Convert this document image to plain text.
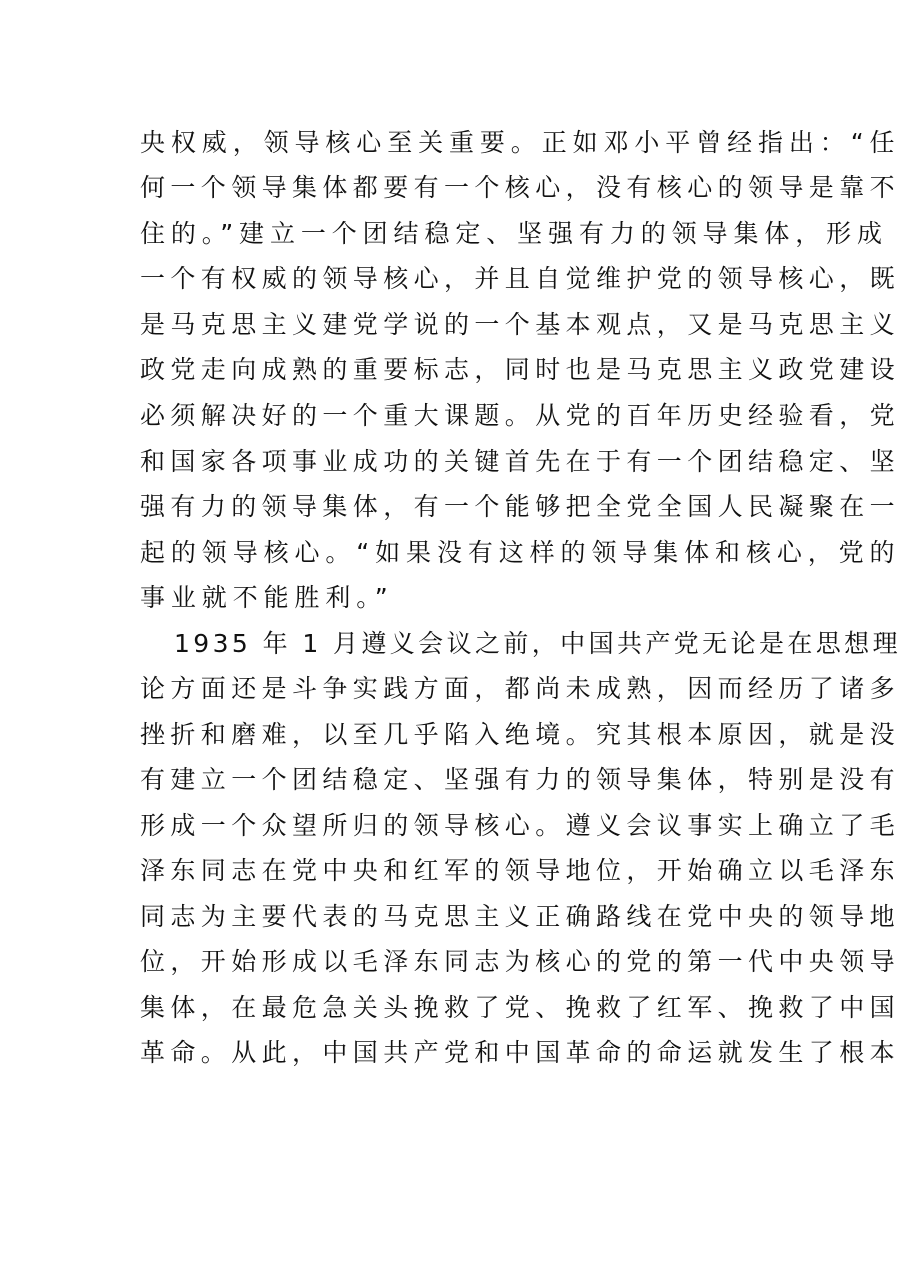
央权威，领导核心至关重要。正如邓小平曾经指出：“任
何一个领导集体都要有一个核心，没有核心的领导是靠不
住的。”建立一个团结稳定、坚强有力的领导集体，形成
一个有权威的领导核心，并且自觉维护党的领导核心，既
是马克思主义建党学说的一个基本观点，又是马克思主义
政党走向成熟的重要标志，同时也是马克思主义政党建设
必须解决好的一个重大课题。从党的百年历史经验看，党
和国家各项事业成功的关键首先在于有一个团结稳定、坚
强有力的领导集体，有一个能够把全党全国人民凝聚在一
起的领导核心。“如果没有这样的领导集体和核心，党的
事业就不能胜利。”
1935 年 1 月遵义会议之前，中国共产党无论是在思想理
论方面还是斗争实践方面，都尚未成熟，因而经历了诸多
挫折和磨难，以至几乎陷入绝境。究其根本原因，就是没
有建立一个团结稳定、坚强有力的领导集体，特别是没有
形成一个众望所归的领导核心。遵义会议事实上确立了毛
泽东同志在党中央和红军的领导地位，开始确立以毛泽东
同志为主要代表的马克思主义正确路线在党中央的领导地
位，开始形成以毛泽东同志为核心的党的第一代中央领导
集体，在最危急关头挽救了党、挽救了红军、挽救了中国
革命。从此，中国共产党和中国革命的命运就发生了根本
